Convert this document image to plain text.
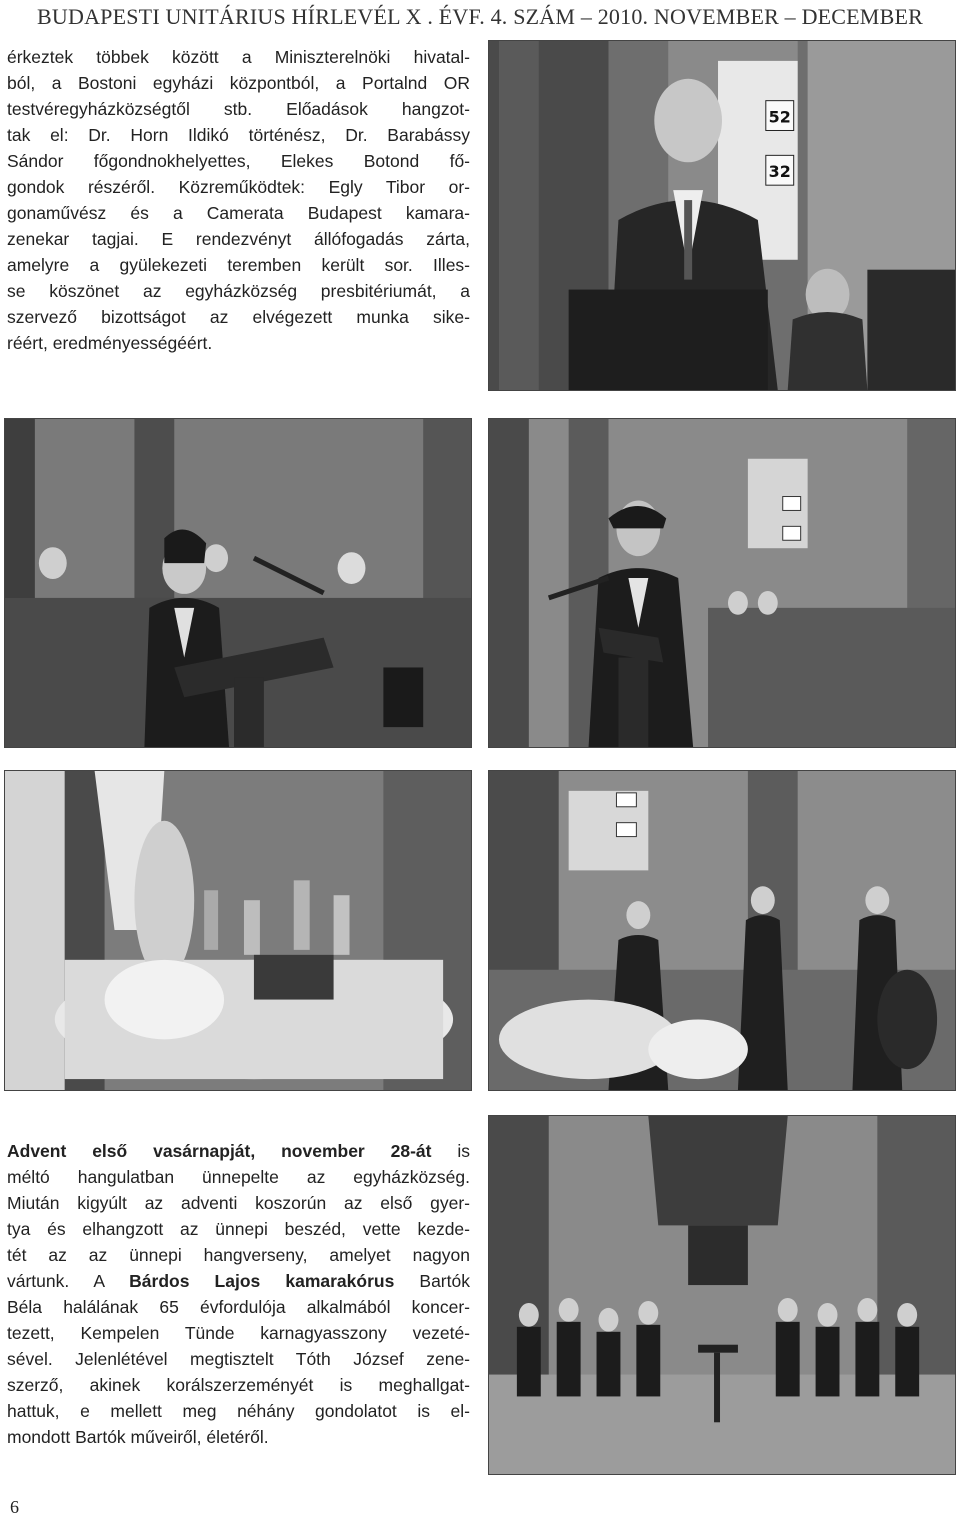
BUDAPESTI UNITÁRIUS HÍRLEVÉL X . ÉVF. 4. SZÁM – 2010. NOVEMBER – DECEMBER
érkeztek többek között a Miniszterelnöki hivatal-
ból, a Bostoni egyházi központból, a Portalnd OR
testvéregyházközségtől stb. Előadások hangzot-
tak el: Dr. Horn Ildikó történész, Dr. Barabássy
Sándor főgondnokhelyettes, Elekes Botond fő-
gondok részéről. Közreműködtek: Egly Tibor or-
gonaművész és a Camerata Budapest kamara-
zenekar tagjai. E rendezvényt állófogadás zárta,
amelyre a gyülekezeti teremben került sor. Illes-
se köszönet az egyházközség presbitériumát, a
szervező bizottságot az elvégezett munka sike-
réért, eredményességéért.
52
32
Advent első vasárnapját, november 28-át is
méltó hangulatban ünnepelte az egyházközség.
Miután kigyúlt az adventi koszorún az első gyer-
tya és elhangzott az ünnepi beszéd, vette kezde-
tét az az ünnepi hangverseny, amelyet nagyon
vártunk. A Bárdos Lajos kamarakórus Bartók
Béla halálának 65 évfordulója alkalmából koncer-
tezett, Kempelen Tünde karnagyasszony vezeté-
sével. Jelenlétével megtisztelt Tóth József zene-
szerző, akinek korálszerzeményét is meghallgat-
hattuk, e mellett meg néhány gondolatot is el-
mondott Bartók műveiről, életéről.
6
